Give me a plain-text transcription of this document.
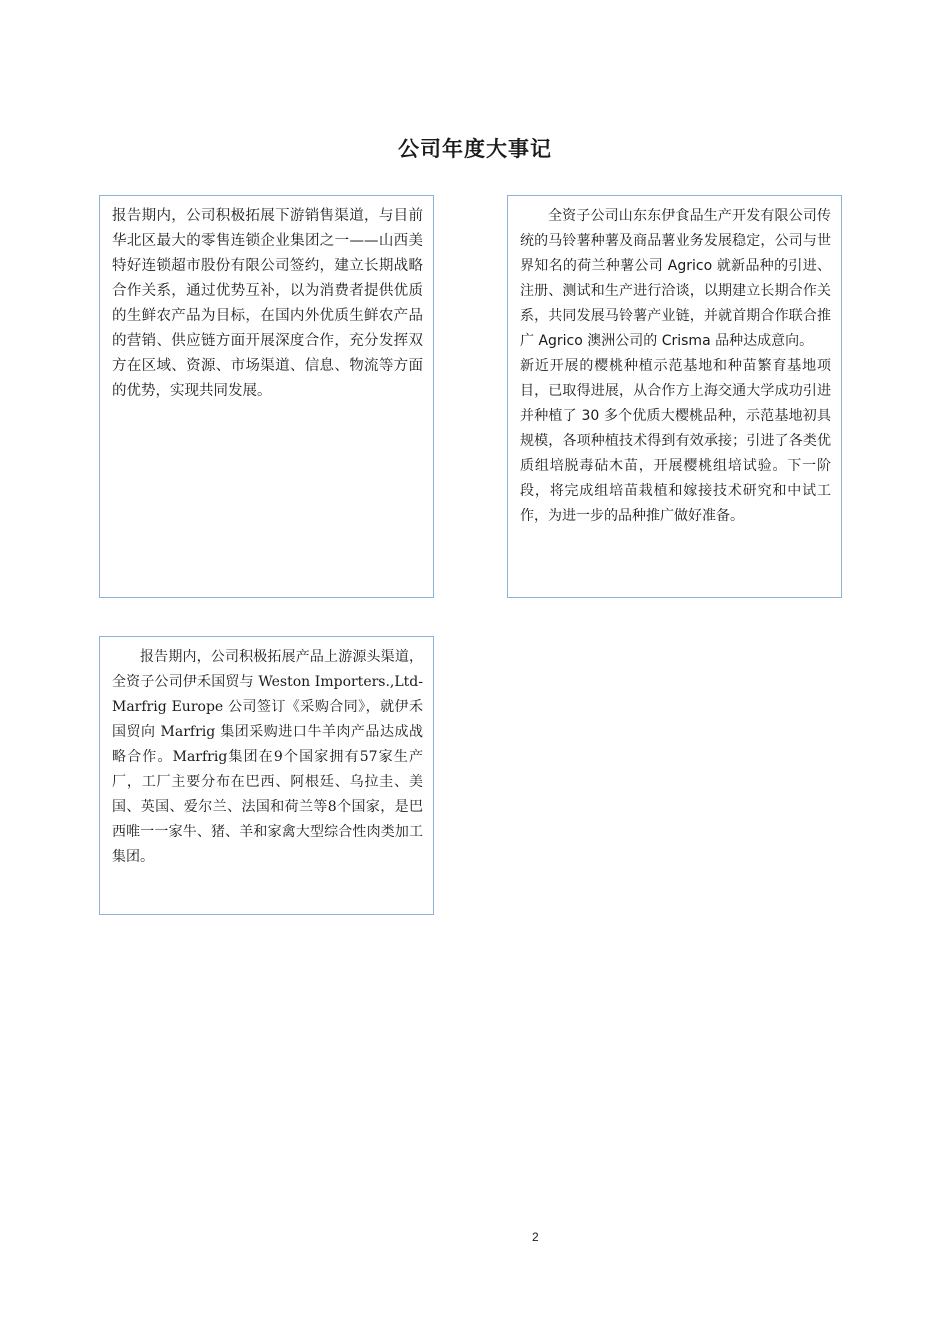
公司年度大事记

报告期内，公司积极拓展下游销售渠道，与目前华北区最大的零售连锁企业集团之一——山西美特好连锁超市股份有限公司签约，建立长期战略合作关系，通过优势互补，以为消费者提供优质的生鲜农产品为目标，在国内外优质生鲜农产品的营销、供应链方面开展深度合作，充分发挥双方在区域、资源、市场渠道、信息、物流等方面的优势，实现共同发展。

全资子公司山东东伊食品生产开发有限公司传统的马铃薯种薯及商品薯业务发展稳定，公司与世界知名的荷兰种薯公司 Agrico 就新品种的引进、注册、测试和生产进行洽谈，以期建立长期合作关系，共同发展马铃薯产业链，并就首期合作联合推广 Agrico 澳洲公司的 Crisma 品种达成意向。

新近开展的樱桃种植示范基地和种苗繁育基地项目，已取得进展，从合作方上海交通大学成功引进并种植了 30 多个优质大樱桃品种，示范基地初具规模，各项种植技术得到有效承接；引进了各类优质组培脱毒砧木苗，开展樱桃组培试验。下一阶段，将完成组培苗栽植和嫁接技术研究和中试工作，为进一步的品种推广做好准备。

报告期内，公司积极拓展产品上游源头渠道，全资子公司伊禾国贸与 Weston Importers.,Ltd-Marfrig Europe 公司签订《采购合同》，就伊禾国贸向 Marfrig 集团采购进口牛羊肉产品达成战略合作。Marfrig集团在9个国家拥有57家生产厂，工厂主要分布在巴西、阿根廷、乌拉圭、美国、英国、爱尔兰、法国和荷兰等8个国家，是巴西唯一一家牛、猪、羊和家禽大型综合性肉类加工集团。

2
